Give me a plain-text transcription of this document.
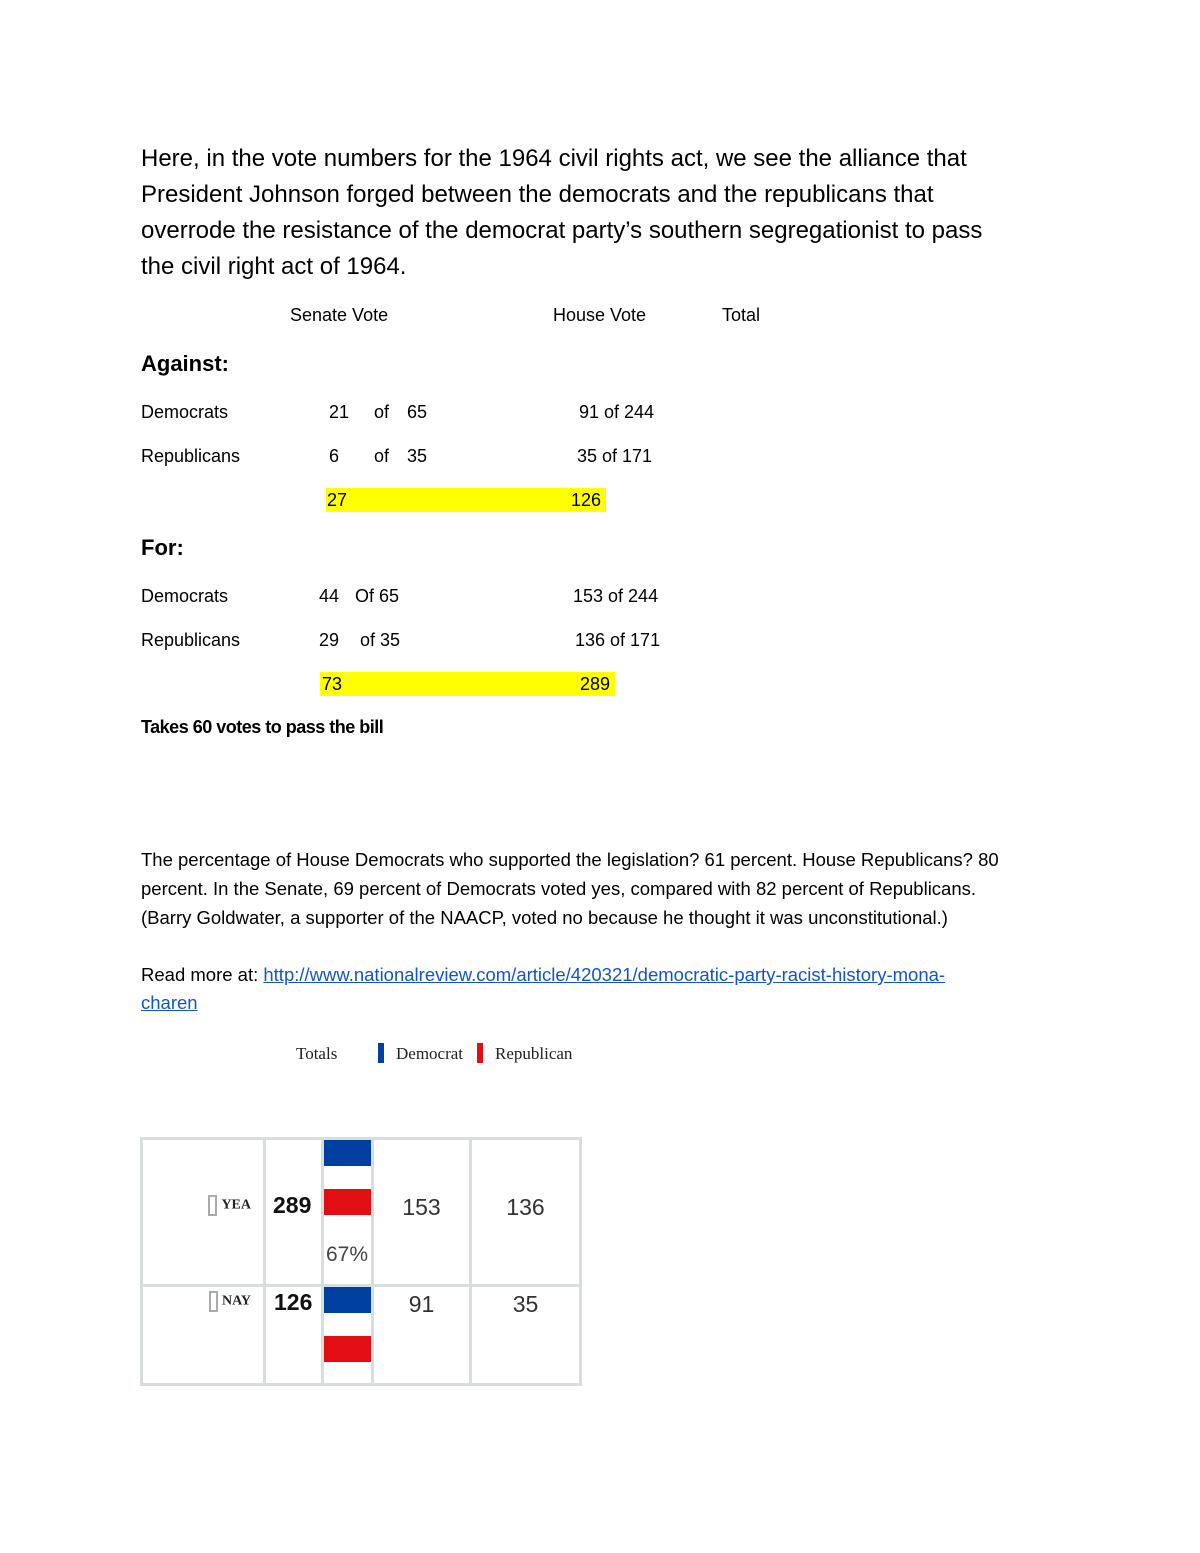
Here, in the vote numbers for the 1964 civil rights act, we see the alliance that
President Johnson forged between the democrats and the republicans that
overrode the resistance of the democrat party’s southern segregationist to pass
the civil right act of 1964.
Senate Vote	House Vote	Total
Against:
Democrats	21 of 65	91 of 244
Republicans	6 of 35	35 of 171
27	126
For:
Democrats	44 Of 65	153 of 244
Republicans	29 of 35	136 of 171
73	289
Takes 60 votes to pass the bill
The percentage of House Democrats who supported the legislation? 61 percent. House Republicans? 80
percent. In the Senate, 69 percent of Democrats voted yes, compared with 82 percent of Republicans.
(Barry Goldwater, a supporter of the NAACP, voted no because he thought it was unconstitutional.)
Read more at: http://www.nationalreview.com/article/420321/democratic-party-racist-history-mona-
charen
Totals	Democrat Republican
YEA	289	67%	153	136

NAY	126		91	35
